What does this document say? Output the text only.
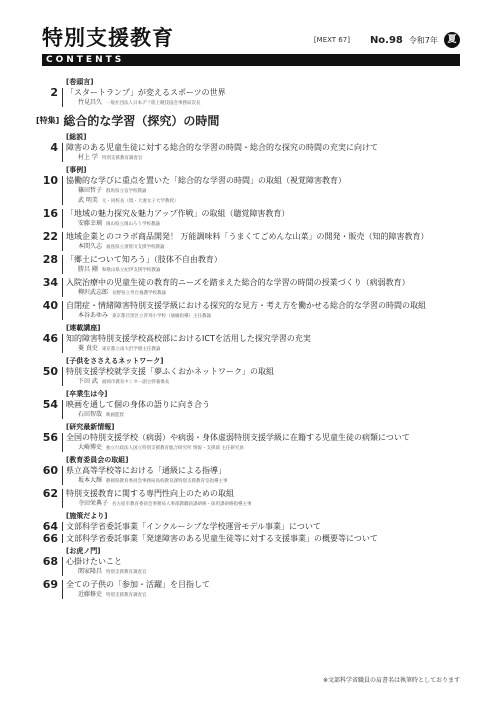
特別支援教育	[MEXT 67] No.98 令和7年	夏
CONTENTS
[巻頭言]
2 「スタートランプ」が変えるスポーツの世界
竹見昌久 一般社団法人日本デフ陸上競技協会事務局次長
[特集] 総合的な学習（探究）の時間
[総説]
4 障害のある児童生徒に対する総合的な学習の時間・総合的な探究の時間の充実に向けて
村上 学 特別支援教育調査官
[事例]
10 協働的な学びに重点を置いた「総合的な学習の時間」の取組（視覚障害教育）
篠田哲子 群馬県立盲学校教諭
武 明美 元・同校長（現・大妻女子大学教授）
16 「地域の魅力探究＆魅力アップ作戦」の取組（聴覚障害教育）
安藤幸璃 岡山県立岡山ろう学校教諭
22 地域企業とのコラボ商品開発！ 万能調味料「うまくてごめんな山菜」の開発・販売（知的障害教育）
本間久志 福島県立須賀川支援学校教諭
28 「郷土について知ろう」（肢体不自由教育）
勝呂 剛 和歌山県立紀伊支援学校教諭
34 入院治療中の児童生徒の教育的ニーズを踏まえた総合的な学習の時間の授業づくり（病弱教育）
柳沢武志郎 長野県立寿台養護学校教諭
40 自閉症・情緒障害特別支援学級における探究的な見方・考え方を働かせる総合的な学習の時間の取組
本谷あゆみ 東京都目黒区立菅刈小学校（通級指導）主任教諭
[連載講座]
46 知的障害特別支援学校高校部におけるICTを活用した探究学習の充実
菱 真史 東京都立南大沢学園主任教諭
[子供をささえるネットワーク]
50 特別支援学校就学支援「夢ふくおかネットワーク」の取組
下田 武 福岡市教育センター副主幹兼係長
[卒業生は今]
54 映画を通して個の身体の語りに向き合う
石田智哉 映画監督
[研究最新情報]
56 全国の特別支援学校（病弱）や病弱・身体虚弱特別支援学級に在籍する児童生徒の病類について
大崎博史 独立行政法人国立特別支援教育総合研究所 情報・支援部 主任研究員
[教育委員会の取組]
60 県立高等学校等における「通級による指導」
坂本大輝 静岡県教育委員会事務局高校教育課特別支援教育室指導主事
62 特別支援教育に関する専門性向上のための取組
寺田栄典子 名古屋市教育委員会事務局人事部教職員課研修・採用課研修指導主事
[施策だより]
64 文部科学省委託事業「インクルーシブな学校運営モデル事業」について
66 文部科学省委託事業「発達障害のある児童生徒等に対する支援事業」の概要等について
[お虎ノ門]
68 心掛けたいこと
関家隆昌 特別支援教育調査官
69 全ての子供の「参加・活躍」を目指して
近藤修史 特別支援教育調査官
※文部科学省職員の肩書名は執筆時としております
